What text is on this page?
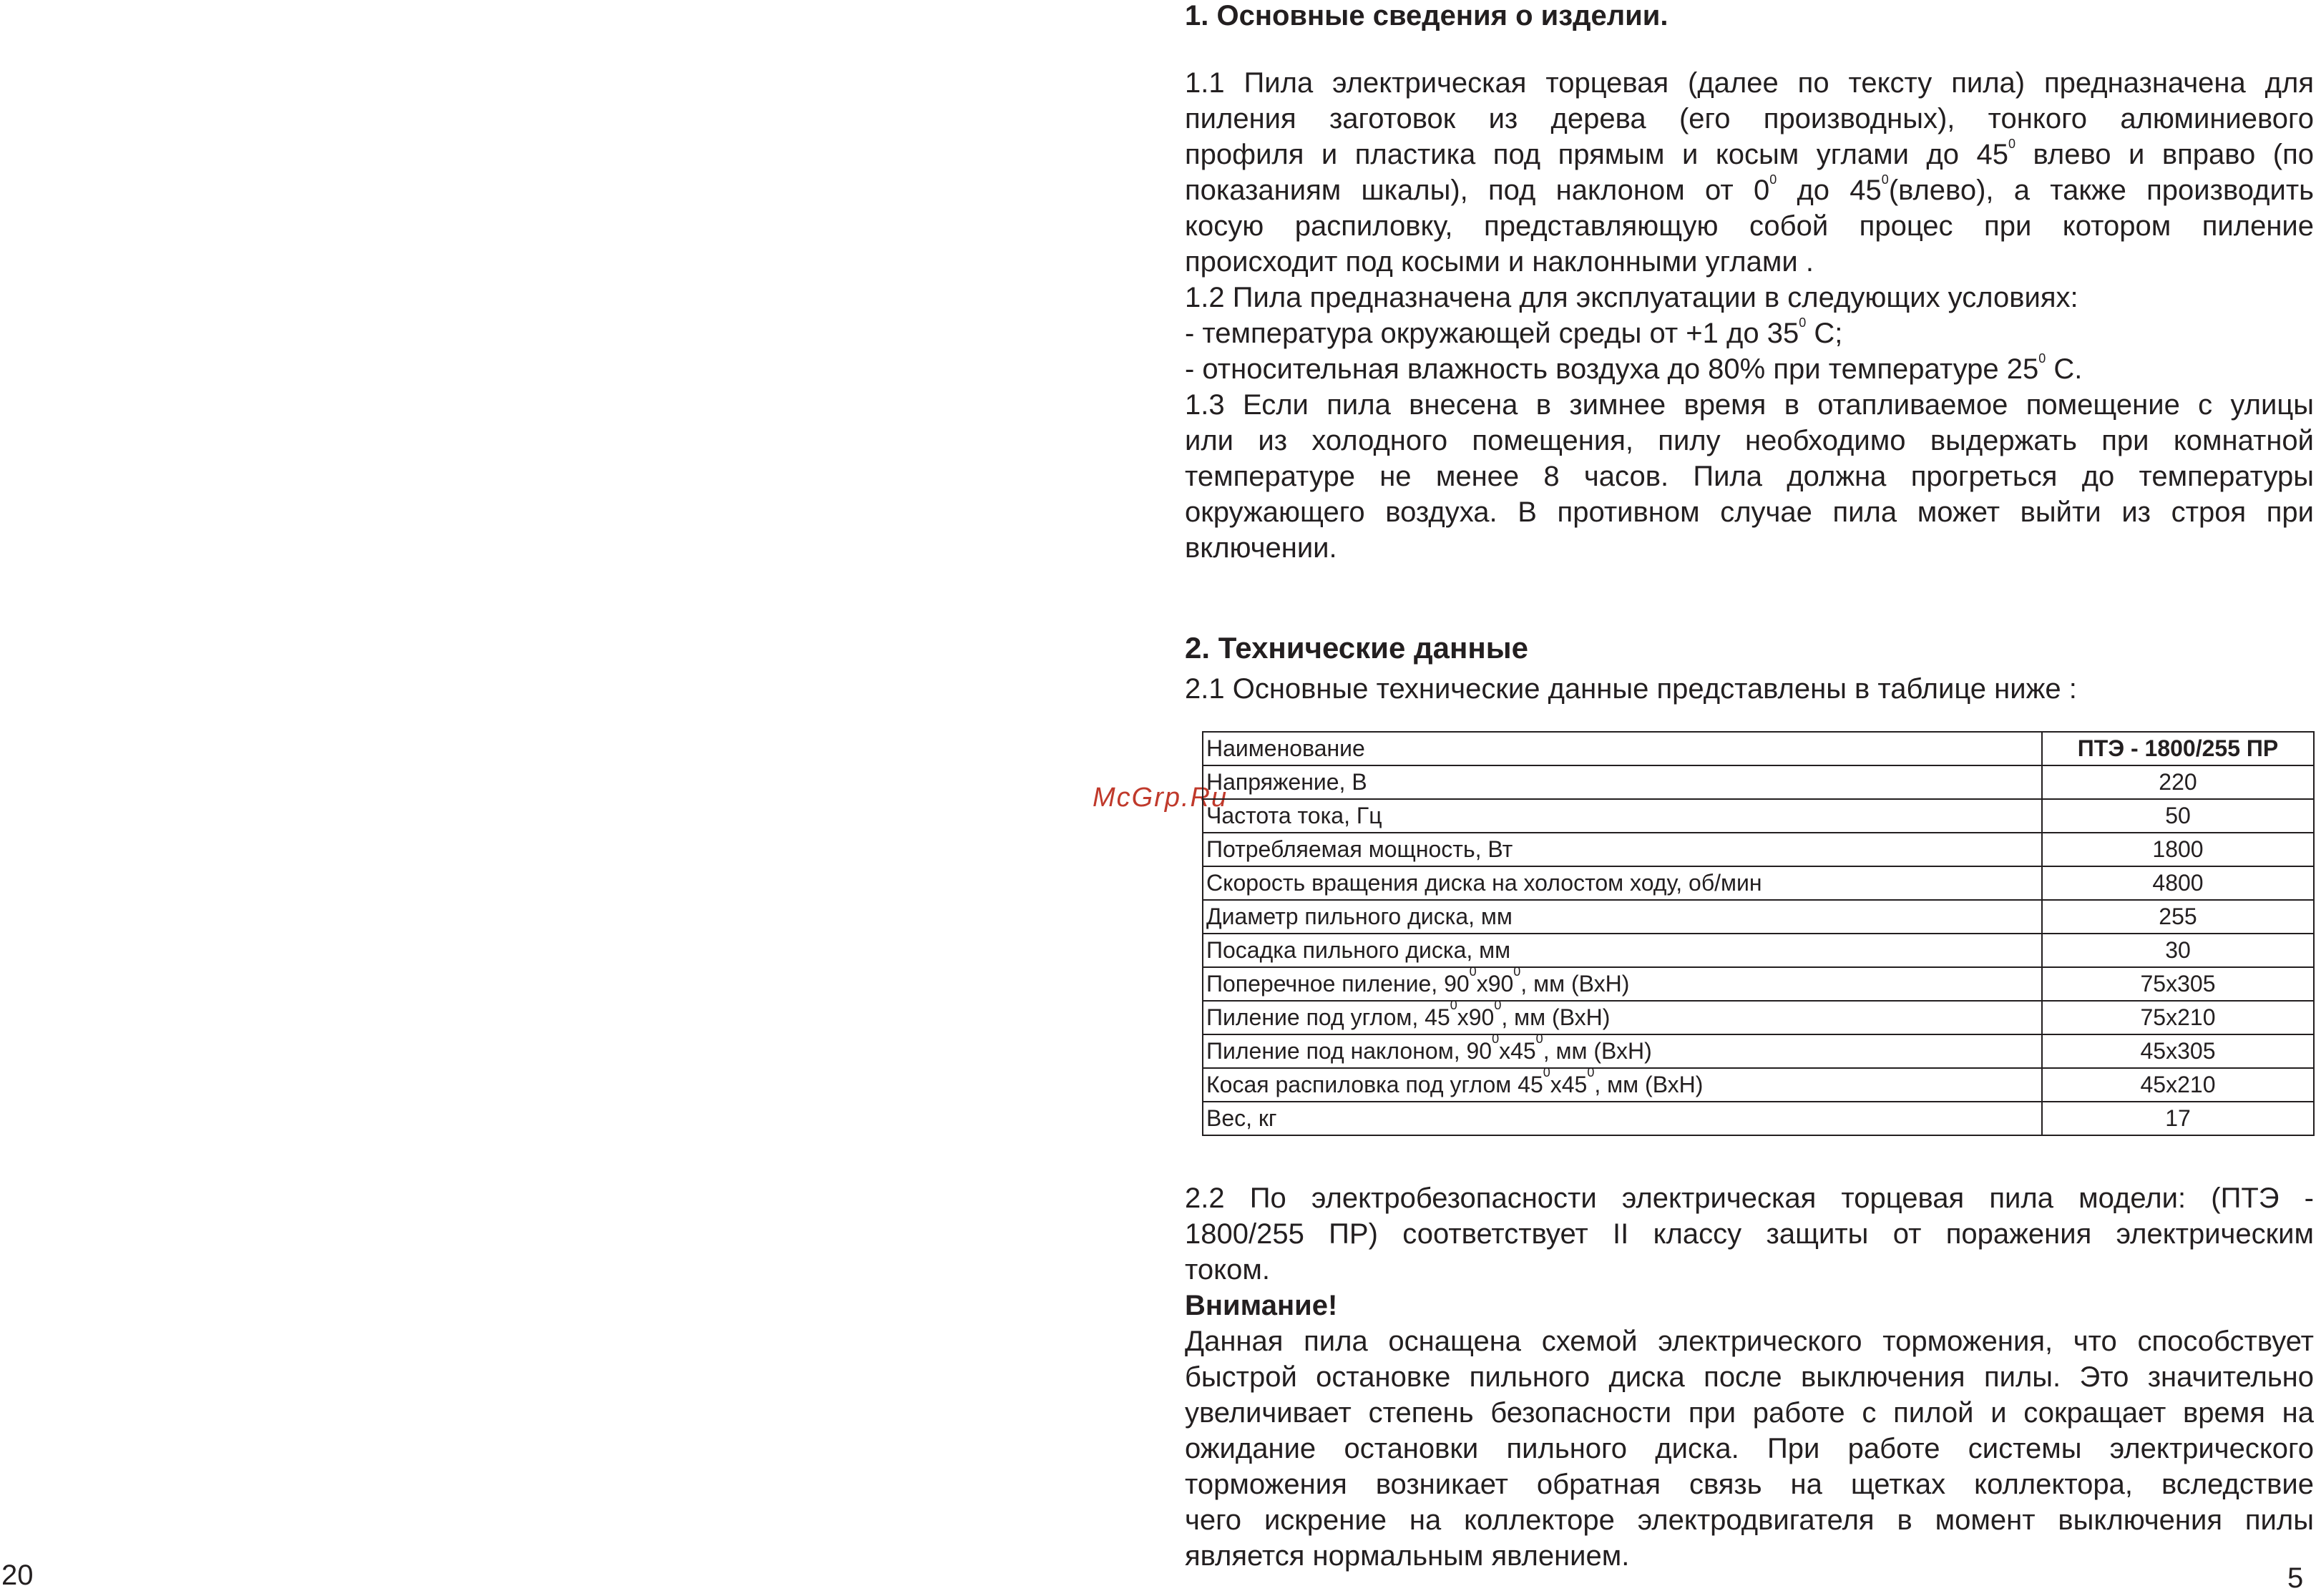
20	5
McGrp.Ru
1. Основные сведения о изделии.
1.1 Пила электрическая торцевая (далее по тексту пила) предназначена для
пиления заготовок из дерева (его производных), тонкого алюминиевого
профиля и пластика под прямым и косым углами до $45^0$ влево и вправо (по
показаниям шкалы), под наклоном от $0^0$ до $45^0(влево)$, а также производить
косую распиловку, представляющую собой процес при котором пиление
происходит под косыми и наклонными углами .
1.2 Пила предназначена для эксплуатации в следующих условиях:
- температура окружающей среды от +1 до $35^0$ С;
- относительная влажность воздуха до 80% при температуре $25^0$ С.
1.3 Если пила внесена в зимнее время в отапливаемое помещение с улицы
или из холодного помещения, пилу необходимо выдержать при комнатной
температуре не менее 8 часов. Пила должна прогреться до температуры
окружающего воздуха. В противном случае пила может выйти из строя при
включении.
2. Технические данные
2.1 Основные технические данные представлены в таблице ниже :
Наименование	ПТЭ - 1800/255 ПР
Напряжение, В	220
Частота тока, Гц	50
Потребляемая мощность, Вт	1800
Скорость вращения диска на холостом ходу, об/мин	4800
Диаметр пильного диска, мм	255
Посадка пильного диска, мм	30
Поперечное пиление, $90^0х90^0$, мм (ВхН)	75x305
Пиление под углом, $45^0х90^0$, мм (ВхН)	75x210
Пиление под наклоном, $90^0х45^0$, мм (ВхН)	45x305
Косая распиловка под углом $45^0х45^0$, мм (ВхН)	45x210
Вес, кг	17
2.2 По электробезопасности электрическая торцевая пила модели: (ПТЭ -
1800/255 ПР) соответствует II классу защиты от поражения электрическим
током.
Внимание!
Данная пила оснащена схемой электрического торможения, что способствует
быстрой остановке пильного диска после выключения пилы. Это значительно
увеличивает степень безопасности при работе с пилой и сокращает время на
ожидание остановки пильного диска. При работе системы электрического
торможения возникает обратная связь на щетках коллектора, вследствие
чего искрение на коллекторе электродвигателя в момент выключения пилы
является нормальным явлением.
